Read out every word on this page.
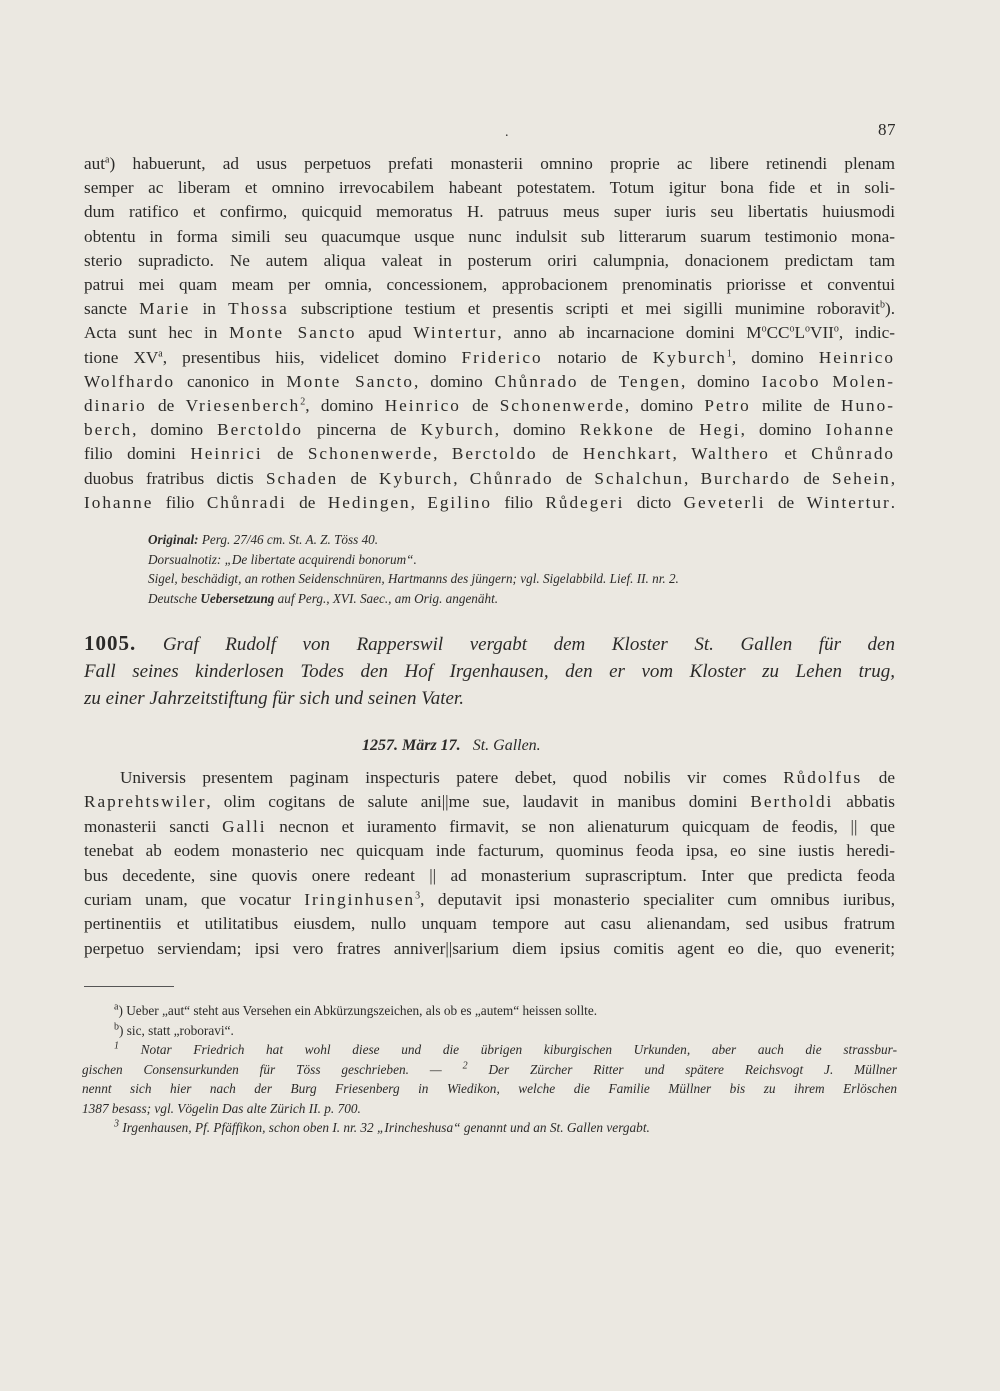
.	87
aut$^a$) habuerunt, ad usus perpetuos prefati monasterii omnino proprie ac libere retinendi plenam
semper ac liberam et omnino irrevocabilem habeant potestatem. Totum igitur bona fide et in soli-
dum ratifico et confirmo, quicquid memoratus H. patruus meus super iuris seu libertatis huiusmodi
obtentu in forma simili seu quacumque usque nunc indulsit sub litterarum suarum testimonio mona-
sterio supradicto. Ne autem aliqua valeat in posterum oriri calumpnia, donacionem predictam tam
patrui mei quam meam per omnia, concessionem, approbacionem prenominatis priorisse et conventui
sancte Marie in Thossa subscriptione testium et presentis scripti et mei sigilli munimine roboravit$^b$).
Acta sunt hec in Monte Sancto apud Wintertur, anno ab incarnacione domini $M^oCC^oL^oVII^o$, indic-
tione $XV^a$, presentibus hiis, videlicet domino Friderico notario de Kyburch$^1$, domino Heinrico
Wolfhardo canonico in Monte Sancto, domino Chůnrado de Tengen, domino Iacobo Molen-
dinario de Vriesenberch$^2$, domino Heinrico de Schonenwerde, domino Petro milite de Huno-
berch, domino Berctoldo pincerna de Kyburch, domino Rekkone de Hegi, domino Iohanne
filio domini Heinrici de Schonenwerde, Berctoldo de Henchkart, Walthero et Chůnrado
duobus fratribus dictis Schaden de Kyburch, Chůnrado de Schalchun, Burchardo de Sehein,
Iohanne filio Chůnradi de Hedingen, Egilino filio Růdegeri dicto Geveterli de Wintertur.
Original: Perg. 27/46 cm. St. A. Z. Töss 40.
Dorsualnotiz: „De libertate acquirendi bonorum“.
Sigel, beschädigt, an rothen Seidenschnüren, Hartmanns des jüngern; vgl. Sigelabbild. Lief. II. nr. 2.
Deutsche Uebersetzung auf Perg., XVI. Saec., am Orig. angenäht.
1005. Graf Rudolf von Rapperswil vergabt dem Kloster St. Gallen für den
Fall seines kinderlosen Todes den Hof Irgenhausen, den er vom Kloster zu Lehen trug,
zu einer Jahrzeitstiftung für sich und seinen Vater.
1257. März 17. St. Gallen.
Universis presentem paginam inspecturis patere debet, quod nobilis vir comes Růdolfus de
Raprehtswiler, olim cogitans de salute ani||me sue, laudavit in manibus domini Bertholdi abbatis
monasterii sancti Galli necnon et iuramento firmavit, se non alienaturum quicquam de feodis, || que
tenebat ab eodem monasterio nec quicquam inde facturum, quominus feoda ipsa, eo sine iustis heredi-
bus decedente, sine quovis onere redeant || ad monasterium suprascriptum. Inter que predicta feoda
curiam unam, que vocatur Iringinhusen$^3$, deputavit ipsi monasterio specialiter cum omnibus iuribus,
pertinentiis et utilitatibus eiusdem, nullo unquam tempore aut casu alienandam, sed usibus fratrum
perpetuo serviendam; ipsi vero fratres anniver||sarium diem ipsius comitis agent eo die, quo evenerit;
$^a$) Ueber „aut“ steht aus Versehen ein Abkürzungszeichen, als ob es „autem“ heissen sollte.
$^b$) sic, statt „roboravi“.
$^1$ Notar Friedrich hat wohl diese und die übrigen kiburgischen Urkunden, aber auch die strassbur-
gischen Consensurkunden für Töss geschrieben. — $^2$ Der Zürcher Ritter und spätere Reichsvogt J. Müllner
nennt sich hier nach der Burg Friesenberg in Wiedikon, welche die Familie Müllner bis zu ihrem Erlöschen
1387 besass; vgl. Vögelin Das alte Zürich II. p. 700.
$^3$ Irgenhausen, Pf. Pfäffikon, schon oben I. nr. 32 „Irincheshusa“ genannt und an St. Gallen vergabt.
